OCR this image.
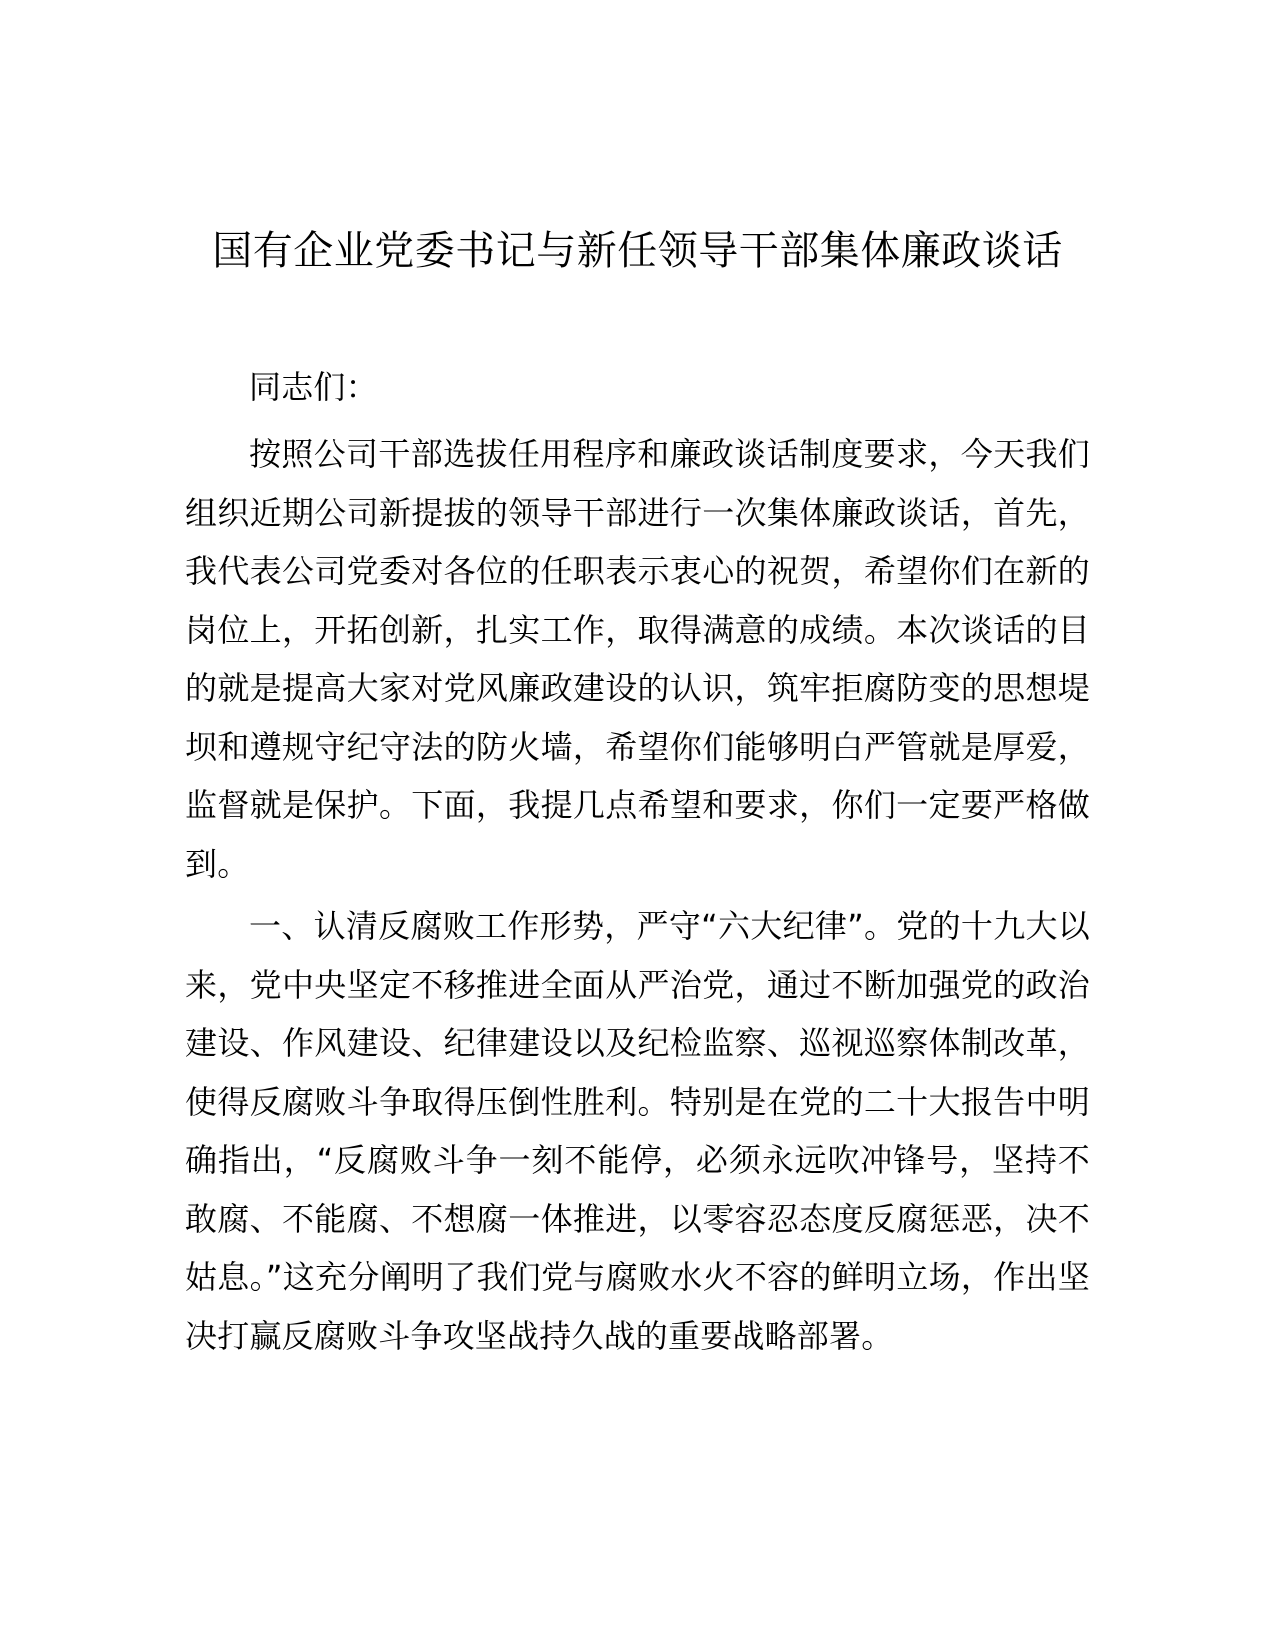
国有企业党委书记与新任领导干部集体廉政谈话

同志们：

按照公司干部选拔任用程序和廉政谈话制度要求，今天我们组织近期公司新提拔的领导干部进行一次集体廉政谈话，首先，我代表公司党委对各位的任职表示衷心的祝贺，希望你们在新的岗位上，开拓创新，扎实工作，取得满意的成绩。本次谈话的目的就是提高大家对党风廉政建设的认识，筑牢拒腐防变的思想堤坝和遵规守纪守法的防火墙，希望你们能够明白严管就是厚爱，监督就是保护。下面，我提几点希望和要求，你们一定要严格做到。

一、认清反腐败工作形势，严守“六大纪律”。党的十九大以来，党中央坚定不移推进全面从严治党，通过不断加强党的政治建设、作风建设、纪律建设以及纪检监察、巡视巡察体制改革，使得反腐败斗争取得压倒性胜利。特别是在党的二十大报告中明确指出，“反腐败斗争一刻不能停，必须永远吹冲锋号，坚持不敢腐、不能腐、不想腐一体推进，以零容忍态度反腐惩恶，决不姑息。”这充分阐明了我们党与腐败水火不容的鲜明立场，作出坚决打赢反腐败斗争攻坚战持久战的重要战略部署。
